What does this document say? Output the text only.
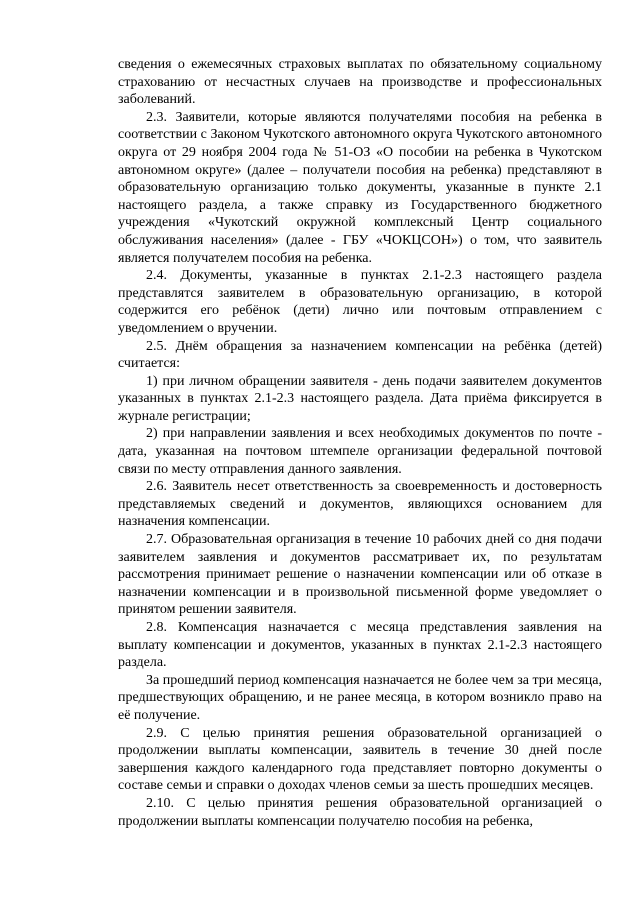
сведения о ежемесячных страховых выплатах по обязательному социальному страхованию от несчастных случаев на производстве и профессиональных заболеваний.

2.3. Заявители, которые являются получателями пособия на ребенка в соответствии с Законом Чукотского автономного округа Чукотского автономного округа от 29 ноября 2004 года № 51-ОЗ «О пособии на ребенка в Чукотском автономном округе» (далее – получатели пособия на ребенка) представляют в образовательную организацию только документы, указанные в пункте 2.1 настоящего раздела, а также справку из Государственного бюджетного учреждения «Чукотский окружной комплексный Центр социального обслуживания населения» (далее - ГБУ «ЧОКЦСОН») о том, что заявитель является получателем пособия на ребенка.

2.4. Документы, указанные в пунктах 2.1-2.3 настоящего раздела представлятся заявителем в образовательную организацию, в которой содержится его ребёнок (дети) лично или почтовым отправлением с уведомлением о вручении.

2.5. Днём обращения за назначением компенсации на ребёнка (детей) считается:

1) при личном обращении заявителя - день подачи заявителем документов указанных в пунктах 2.1-2.3 настоящего раздела. Дата приёма фиксируется в журнале регистрации;

2) при направлении заявления и всех необходимых документов по почте - дата, указанная на почтовом штемпеле организации федеральной почтовой связи по месту отправления данного заявления.

2.6. Заявитель несет ответственность за своевременность и достоверность представляемых сведений и документов, являющихся основанием для назначения компенсации.

2.7. Образовательная организация в течение 10 рабочих дней со дня подачи заявителем заявления и документов рассматривает их, по результатам рассмотрения принимает решение о назначении компенсации или об отказе в назначении компенсации и в произвольной письменной форме уведомляет о принятом решении заявителя.

2.8. Компенсация назначается с месяца представления заявления на выплату компенсации и документов, указанных в пунктах 2.1-2.3 настоящего раздела.

За прошедший период компенсация назначается не более чем за три месяца, предшествующих обращению, и не ранее месяца, в котором возникло право на её получение.

2.9. С целью принятия решения образовательной организацией о продолжении выплаты компенсации, заявитель в течение 30 дней после завершения каждого календарного года представляет повторно документы о составе семьи и справки о доходах членов семьи за шесть прошедших месяцев.

2.10. С целью принятия решения образовательной организацией о продолжении выплаты компенсации получателю пособия на ребенка,
